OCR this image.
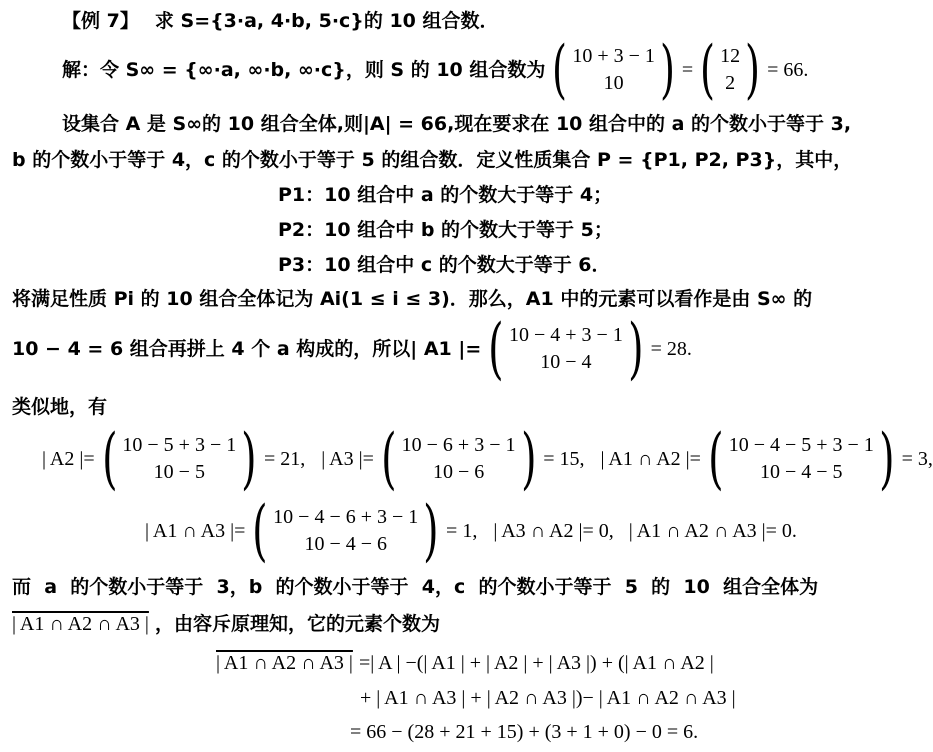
【例 7】 求 S={3·a, 4·b, 5·c}的 10 组合数．
解：令 S∞ = {∞·a, ∞·b, ∞·c}，则 S 的 10 组合数为 ( 10 + 3 − 1
10 ) = ( 12
2 ) = 66.
设集合 A 是 S∞的 10 组合全体,则|A| = 66,现在要求在 10 组合中的 a 的个数小于等于 3,
b 的个数小于等于 4，c 的个数小于等于 5 的组合数．定义性质集合 P = {P1, P2, P3}，其中，
P1：10 组合中 a 的个数大于等于 4；
P2：10 组合中 b 的个数大于等于 5；
P3：10 组合中 c 的个数大于等于 6．
将满足性质 Pi 的 10 组合全体记为 Ai(1 ≤ i ≤ 3)．那么，A1 中的元素可以看作是由 S∞ 的
10 − 4 = 6 组合再拼上 4 个 a 构成的，所以| A1 |= ( 10 − 4 + 3 − 1
10 − 4 ) = 28.
类似地，有
| A2 |= ( 10 − 5 + 3 − 1
10 − 5 ) = 21, | A3 |= ( 10 − 6 + 3 − 1
10 − 6 ) = 15, | A1 ∩ A2 |= ( 10 − 4 − 5 + 3 − 1
10 − 4 − 5 ) = 3,
| A1 ∩ A3 |= ( 10 − 4 − 6 + 3 − 1
10 − 4 − 6 ) = 1, | A3 ∩ A2 |= 0,   | A1 ∩ A2 ∩ A3 |= 0.
而  a  的个数小于等于  3，b  的个数小于等于  4，c  的个数小于等于  5  的  10  组合全体为
| A1 ∩ A2 ∩ A3 | ，由容斥原理知，它的元素个数为
| A1 ∩ A2 ∩ A3 | =| A | −(| A1 | + | A2 | + | A3 |) + (| A1 ∩ A2 |
+ | A1 ∩ A3 | + | A2 ∩ A3 |)− | A1 ∩ A2 ∩ A3 |
= 66 − (28 + 21 + 15) + (3 + 1 + 0) − 0 = 6.
